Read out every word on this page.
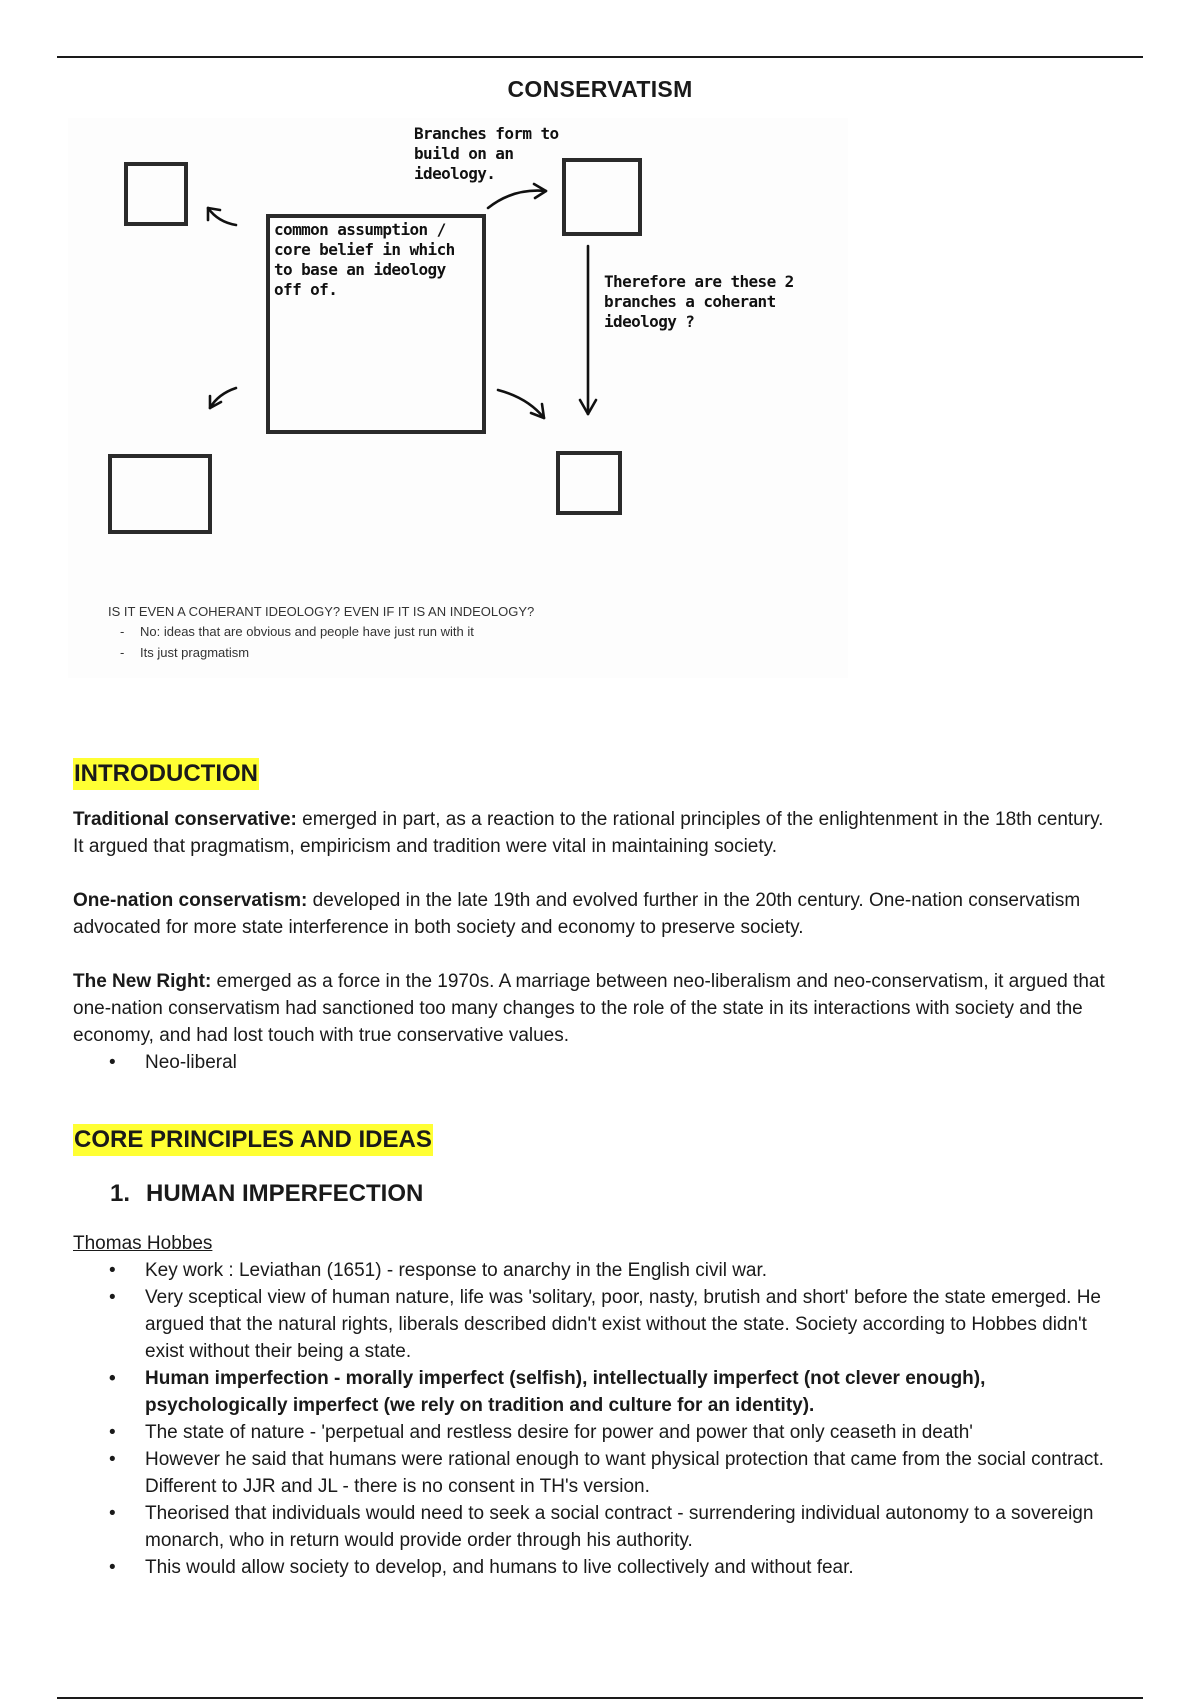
CONSERVATISM
Branches form to
build on an
ideology.
common assumption /
core belief in which
to base an ideology
off of.	Therefore are these 2
branches a coherant
ideology ?
IS IT EVEN A COHERANT IDEOLOGY? EVEN IF IT IS AN INDEOLOGY?
- No: ideas that are obvious and people have just run with it
- Its just pragmatism
INTRODUCTION

Traditional conservative: emerged in part, as a reaction to the rational principles of the enlightenment in the 18th century. It argued that pragmatism, empiricism and tradition were vital in maintaining society.

One-nation conservatism: developed in the late 19th and evolved further in the 20th century. One-nation conservatism advocated for more state interference in both society and economy to preserve society.

The New Right: emerged as a force in the 1970s. A marriage between neo-liberalism and neo-conservatism, it argued that one-nation conservatism had sanctioned too many changes to the role of the state in its interactions with society and the economy, and had lost touch with true conservative values.

• Neo-liberal
CORE PRINCIPLES AND IDEAS
1. HUMAN IMPERFECTION

Thomas Hobbes

• Key work : Leviathan (1651) - response to anarchy in the English civil war.
• Very sceptical view of human nature, life was 'solitary, poor, nasty, brutish and short' before the state emerged. He argued that the natural rights, liberals described didn't exist without the state. Society according to Hobbes didn't exist without their being a state.
• Human imperfection - morally imperfect (selfish), intellectually imperfect (not clever enough), psychologically imperfect (we rely on tradition and culture for an identity).
• The state of nature - 'perpetual and restless desire for power and power that only ceaseth in death'
• However he said that humans were rational enough to want physical protection that came from the social contract. Different to JJR and JL - there is no consent in TH's version.
• Theorised that individuals would need to seek a social contract - surrendering individual autonomy to a sovereign monarch, who in return would provide order through his authority.
• This would allow society to develop, and humans to live collectively and without fear.
